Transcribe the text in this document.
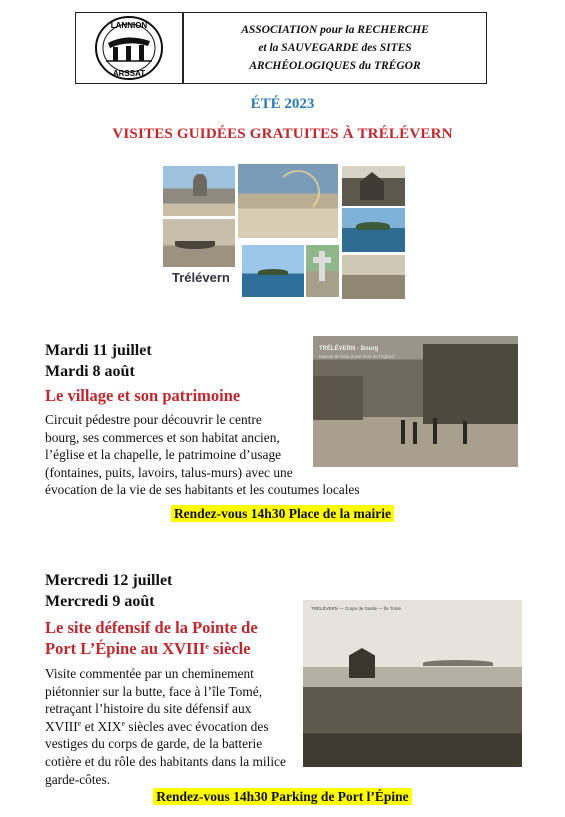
LANNION
ARSSAT
ASSOCIATION pour la RECHERCHE
et la SAUVEGARDE des SITES
ARCHÉOLOGIQUES du TRÉGOR
ÉTÉ 2023
VISITES GUIDÉES GRATUITES À TRÉLÉVERN
Trélévern
Mardi 11 juillet
Mardi 8 août
Le village et son patrimoine
Circuit pédestre pour découvrir le centre
bourg, ses commerces et son habitat ancien,
l’église et la chapelle, le patrimoine d’usage
(fontaines, puits, lavoirs, talus-murs) avec une
évocation de la vie de ses habitants et les coutumes locales
TRÉLÉVERN - Bourg
Maison de bois (mise hors de l’église)
Rendez-vous 14h30 Place de la mairie
Mercredi 12 juillet
Mercredi 9 août
Le site défensif de la Pointe de
Port L’Épine au XVIIIe siècle
Visite commentée par un cheminement
piétonnier sur la butte, face à l’île Tomé,
retraçant l’histoire du site défensif aux
XVIIIe et XIXe siècles avec évocation des
vestiges du corps de garde, de la batterie
cotière et du rôle des habitants dans la milice
garde-côtes.
TRÉLÉVERN — Corps de Garde — Île Tomé
Rendez-vous 14h30 Parking de Port l’Épine
